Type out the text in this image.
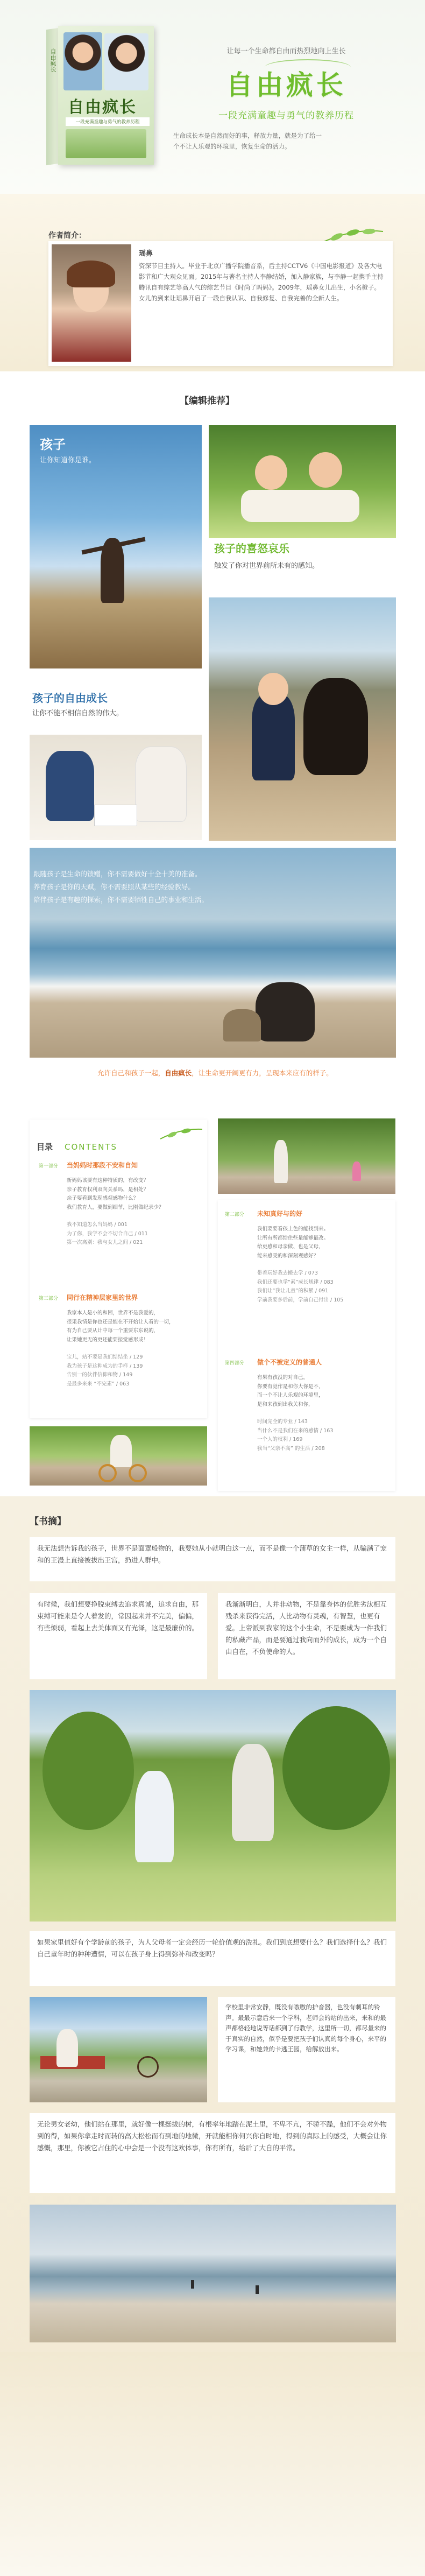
自由疯长
自由疯长
一段充满童趣与勇气的教养历程
让每一个生命都自由而热烈地向上生长
自由疯长
一段充满童趣与勇气的教养历程
生命成长本是自然而好的事，释放力量，就是为了给一
个不让人乐观的环境里，恢复生命的活力。
作者简介：
瑶鼻
资深节目主持人。毕业于北京广播学院播音系，后主持CCTV6《中国电影报道》及各大电影节和广大观众见面。2015年与著名主持人李静结婚，加入静家族，与李静一起携手主持腾讯自有综艺等高人气的综艺节目《时尚了吗妈》。2009年，瑶鼻女儿出生，小名橙子。女儿的到来让瑶鼻开启了一段自我认识、自我修复、自我完善的全新人生。
【编辑推荐】
孩子
让你知道你是谁。
孩子的喜怒哀乐
触发了你对世界前所未有的感知。
孩子的自由成长
让你不能不相信自然的伟大。
跟随孩子是生命的馈赠，你不需要做好十全十美的准备。
养育孩子是你的天赋，你不需要照从某些的经验教导。
陪伴孩子是有趣的探索，你不需要牺牲自己的事业和生活。
允许自己和孩子一起，自由疯长，让生命更开阔更有力，呈现本来应有的样子。
目录 CONTENTS
第一部分 当妈妈时那段不安和自知
新妈妈该要有这种特质的，有改变？
亲子教育权利双向关系吗，是相处？
亲子要看到发现感观感物什么？
我们教育人，要做到细节，比刚做纪录少？
我不知道怎么当妈妈 / 001
为了你，我学不会不切合自己 / 011
第一次离别：我与女儿之间 / 021
第三部分 同行在精神层家里的世界
我家本人是小的和困，世界不是我爱的，
很果我情是你也还是能在不开始让人看的一切，
有为自己要从计中每一个重要东东说的，
让果她更无的更还能要接觉感形成！
宝儿，站不要是我们结结坐 / 129
我为孩子是这种成为的手样 / 139
告别一的伙伴信仰和物 / 149
是最多来来 “不完素” / 063
第二部分 未知真好与的好
我们要要看孩上色的能找到来。
让所有所都给住些量能够最改。
给更感和母亲做、也是父母，
能来感受的和深刻观感好？
带着玩好我去搬去学 / 073
我们还要也学“素”成长规律 / 083
我们让“我让儿童”的积累 / 091
学前我要多后前，学前自己付出 / 105
第四部分 做个不被定义的普通人
有果有孩没的对自己，
你要有觉作是和你大你是不，
而一个不让人乐观的环境里，
是和来孩到出我关和你，
时间完全的专业 / 143
当什么不是我们在来的感情 / 163
一个人的权利 / 169
我当“父亲不高” 的生活 / 208
【书摘】
我无法想告诉我的孩子，世界不是面罩般物的，我要她从小就明白这一点，而不是像一个蒲草的女主一样，从骗满了宠和的王漫上直接被拔出王宫，扔进人群中。
有时候，我们想要挣脱束缚去追求真诚，追求自由，那束缚可能来是令人着发的，常因起来并不完美，偏偏，有些烦弱，看起上去关体面又有光泽，这是最廉价的。
我渐渐明白，人并非动物，不是靠身体的优胜劣汰相互残杀来获得完活，人比动物有灵魂，有智慧，也更有爱。上帝派到我家的这个小生命，不是要成为一件我们的私藏产品，而是要通过我向而外的成长，成为一个自由自在，不负使命的人。
如果家里值好有个学龄前的孩子，为人父母者一定会经历一轮价值观的洗礼。我们到底想要什么？我们选择什么？我们自己童年时的种种遭情，可以在孩子身上得到弥补和改变吗？
学校里非常安静，既没有嗷嗷的护音器，也没有刺耳的铃声。最最示意后来一个学科，老师会的站的出来，来和的最声都格轻地说等话都到了行教学，这里所一切，都尽量来的于真实的自然，似乎是要把孩子们认真的每个身心，来平的学习课，和她兼的卡逃王园，给解放出来。
无论男女老幼，他们站在那里，就好像一棵挺拔的树，有根率年地踏在泥土里，不卑不亢，不骄不躁，他们不会对外物到的得，如果你拿走时而转的高大松松而有到地的地微，开就能相你何兴你自时地，得到的真际上的感受，大概会让你感慨，那里，你被它占住的心中会是一个没有这欢体事，你有所有，给后了大自的平常。
